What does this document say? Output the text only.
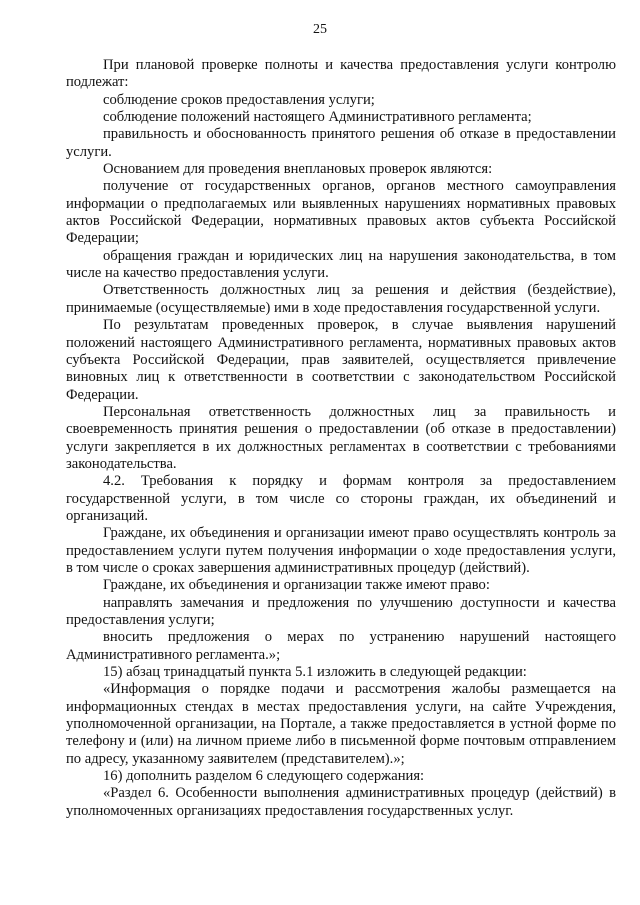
25

При плановой проверке полноты и качества предоставления услуги контролю подлежат:

соблюдение сроков предоставления услуги;

соблюдение положений настоящего Административного регламента;

правильность и обоснованность принятого решения об отказе в предоставлении услуги.

Основанием для проведения внеплановых проверок являются:

получение от государственных органов, органов местного самоуправления информации о предполагаемых или выявленных нарушениях нормативных правовых актов Российской Федерации, нормативных правовых актов субъекта Российской Федерации;

обращения граждан и юридических лиц на нарушения законодательства, в том числе на качество предоставления услуги.

Ответственность должностных лиц за решения и действия (бездействие), принимаемые (осуществляемые) ими в ходе предоставления государственной услуги.

По результатам проведенных проверок, в случае выявления нарушений положений настоящего Административного регламента, нормативных правовых актов субъекта Российской Федерации, прав заявителей, осуществляется привлечение виновных лиц к ответственности в соответствии с законодательством Российской Федерации.

Персональная ответственность должностных лиц за правильность и своевременность принятия решения о предоставлении (об отказе в предоставлении) услуги закрепляется в их должностных регламентах в соответствии с требованиями законодательства.

4.2. Требования к порядку и формам контроля за предоставлением государственной услуги, в том числе со стороны граждан, их объединений и организаций.

Граждане, их объединения и организации имеют право осуществлять контроль за предоставлением услуги путем получения информации о ходе предоставления услуги, в том числе о сроках завершения административных процедур (действий).

Граждане, их объединения и организации также имеют право:

направлять замечания и предложения по улучшению доступности и качества предоставления услуги;

вносить предложения о мерах по устранению нарушений настоящего Административного регламента.»;

15) абзац тринадцатый пункта 5.1 изложить в следующей редакции:

«Информация о порядке подачи и рассмотрения жалобы размещается на информационных стендах в местах предоставления услуги, на сайте Учреждения, уполномоченной организации, на Портале, а также предоставляется в устной форме по телефону и (или) на личном приеме либо в письменной форме почтовым отправлением по адресу, указанному заявителем (представителем).»;

16) дополнить разделом 6 следующего содержания:

«Раздел 6. Особенности выполнения административных процедур (действий) в уполномоченных организациях предоставления государственных услуг.
